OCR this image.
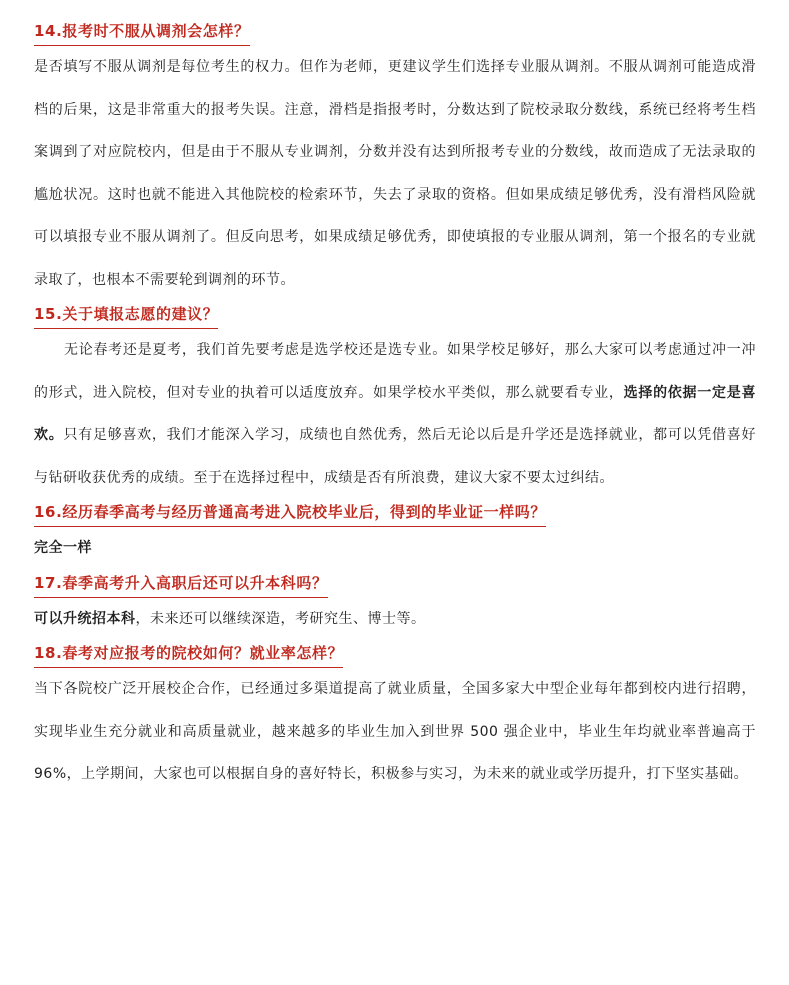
14.报考时不服从调剂会怎样？

是否填写不服从调剂是每位考生的权力。但作为老师，更建议学生们选择专业服从调剂。不服从调剂可能造成滑档的后果，这是非常重大的报考失误。注意，滑档是指报考时，分数达到了院校录取分数线，系统已经将考生档案调到了对应院校内，但是由于不服从专业调剂，分数并没有达到所报考专业的分数线，故而造成了无法录取的尴尬状况。这时也就不能进入其他院校的检索环节，失去了录取的资格。但如果成绩足够优秀，没有滑档风险就可以填报专业不服从调剂了。但反向思考，如果成绩足够优秀，即使填报的专业服从调剂，第一个报名的专业就录取了，也根本不需要轮到调剂的环节。

15.关于填报志愿的建议？

无论春考还是夏考，我们首先要考虑是选学校还是选专业。如果学校足够好，那么大家可以考虑通过冲一冲的形式，进入院校，但对专业的执着可以适度放弃。如果学校水平类似，那么就要看专业，选择的依据一定是喜欢。只有足够喜欢，我们才能深入学习，成绩也自然优秀，然后无论以后是升学还是选择就业，都可以凭借喜好与钻研收获优秀的成绩。至于在选择过程中，成绩是否有所浪费，建议大家不要太过纠结。

16.经历春季高考与经历普通高考进入院校毕业后，得到的毕业证一样吗？

完全一样

17.春季高考升入高职后还可以升本科吗？

可以升统招本科，未来还可以继续深造，考研究生、博士等。

18.春考对应报考的院校如何？就业率怎样？

当下各院校广泛开展校企合作，已经通过多渠道提高了就业质量，全国多家大中型企业每年都到校内进行招聘，实现毕业生充分就业和高质量就业，越来越多的毕业生加入到世界 500 强企业中，毕业生年均就业率普遍高于 96%，上学期间，大家也可以根据自身的喜好特长，积极参与实习，为未来的就业或学历提升，打下坚实基础。
